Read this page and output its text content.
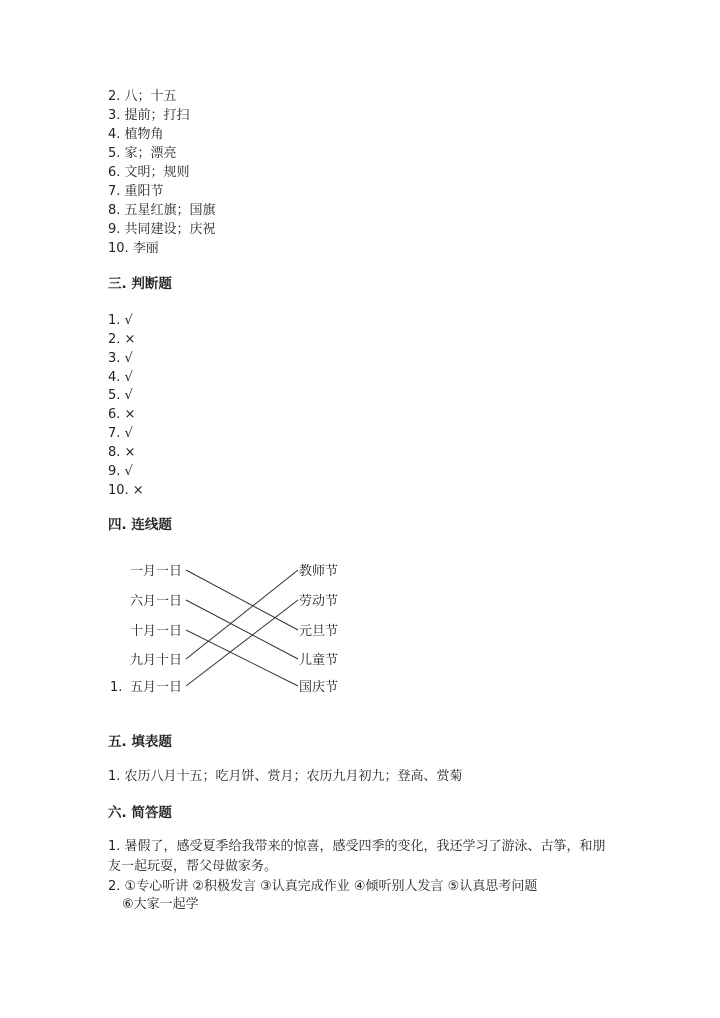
2. 八；十五
3. 提前；打扫
4. 植物角
5. 家；漂亮
6. 文明；规则
7. 重阳节
8. 五星红旗；国旗
9. 共同建设；庆祝
10. 李丽
三. 判断题
1. √
2. ×
3. √
4. √
5. √
6. ×
7. √
8. ×
9. √
10. ×
四. 连线题
1.
一月一日
六月一日
十月一日
九月十日
五月一日
教师节
劳动节
元旦节
儿童节
国庆节
五. 填表题
1. 农历八月十五；吃月饼、赏月；农历九月初九；登高、赏菊
六. 简答题
1. 暑假了，感受夏季给我带来的惊喜，感受四季的变化，我还学习了游泳、古筝，和朋友一起玩耍，帮父母做家务。
2. ①专心听讲 ②积极发言 ③认真完成作业 ④倾听别人发言 ⑤认真思考问题
⑥大家一起学
